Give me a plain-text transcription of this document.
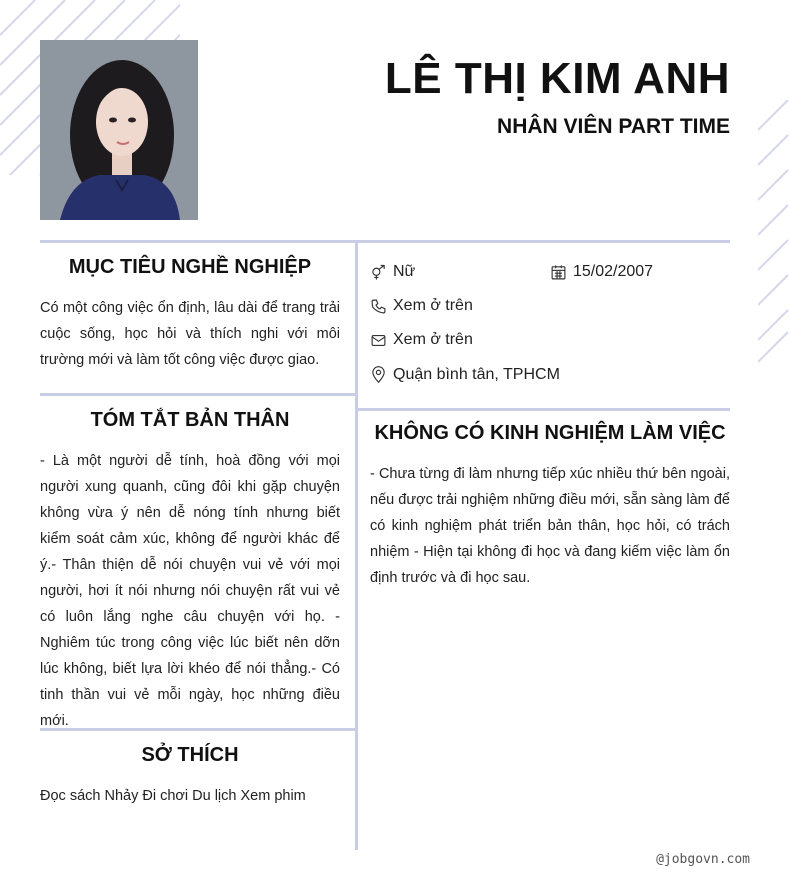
LÊ THỊ KIM ANH
NHÂN VIÊN PART TIME
MỤC TIÊU NGHỀ NGHIỆP

Có một công việc ổn định, lâu dài để trang trải cuộc sống, học hỏi và thích nghi với môi trường mới và làm tốt công việc được giao.

TÓM TẮT BẢN THÂN

- Là một người dễ tính, hoà đồng với mọi người xung quanh, cũng đôi khi gặp chuyện không vừa ý nên dễ nóng tính nhưng biết kiểm soát cảm xúc, không để người khác để ý.- Thân thiện dễ nói chuyện vui vẻ với mọi người, hơi ít nói nhưng nói chuyện rất vui vẻ có luôn lắng nghe câu chuyện với họ. - Nghiêm túc trong công việc lúc biết nên dỡn lúc không, biết lựa lời khéo để nói thẳng.- Có tinh thần vui vẻ mỗi ngày, học những điều mới.

SỞ THÍCH

Đọc sách Nhảy Đi chơi Du lịch Xem phim

Nữ	15/02/2007
Xem ở trên
Xem ở trên
Quận bình tân, TPHCM
KHÔNG CÓ KINH NGHIỆM LÀM VIỆC

- Chưa từng đi làm nhưng tiếp xúc nhiều thứ bên ngoài, nếu được trải nghiệm những điều mới, sẵn sàng làm để có kinh nghiệm phát triển bản thân, học hỏi, có trách nhiệm - Hiện tại không đi học và đang kiếm việc làm ổn định trước và đi học sau.

@jobgovn.com
